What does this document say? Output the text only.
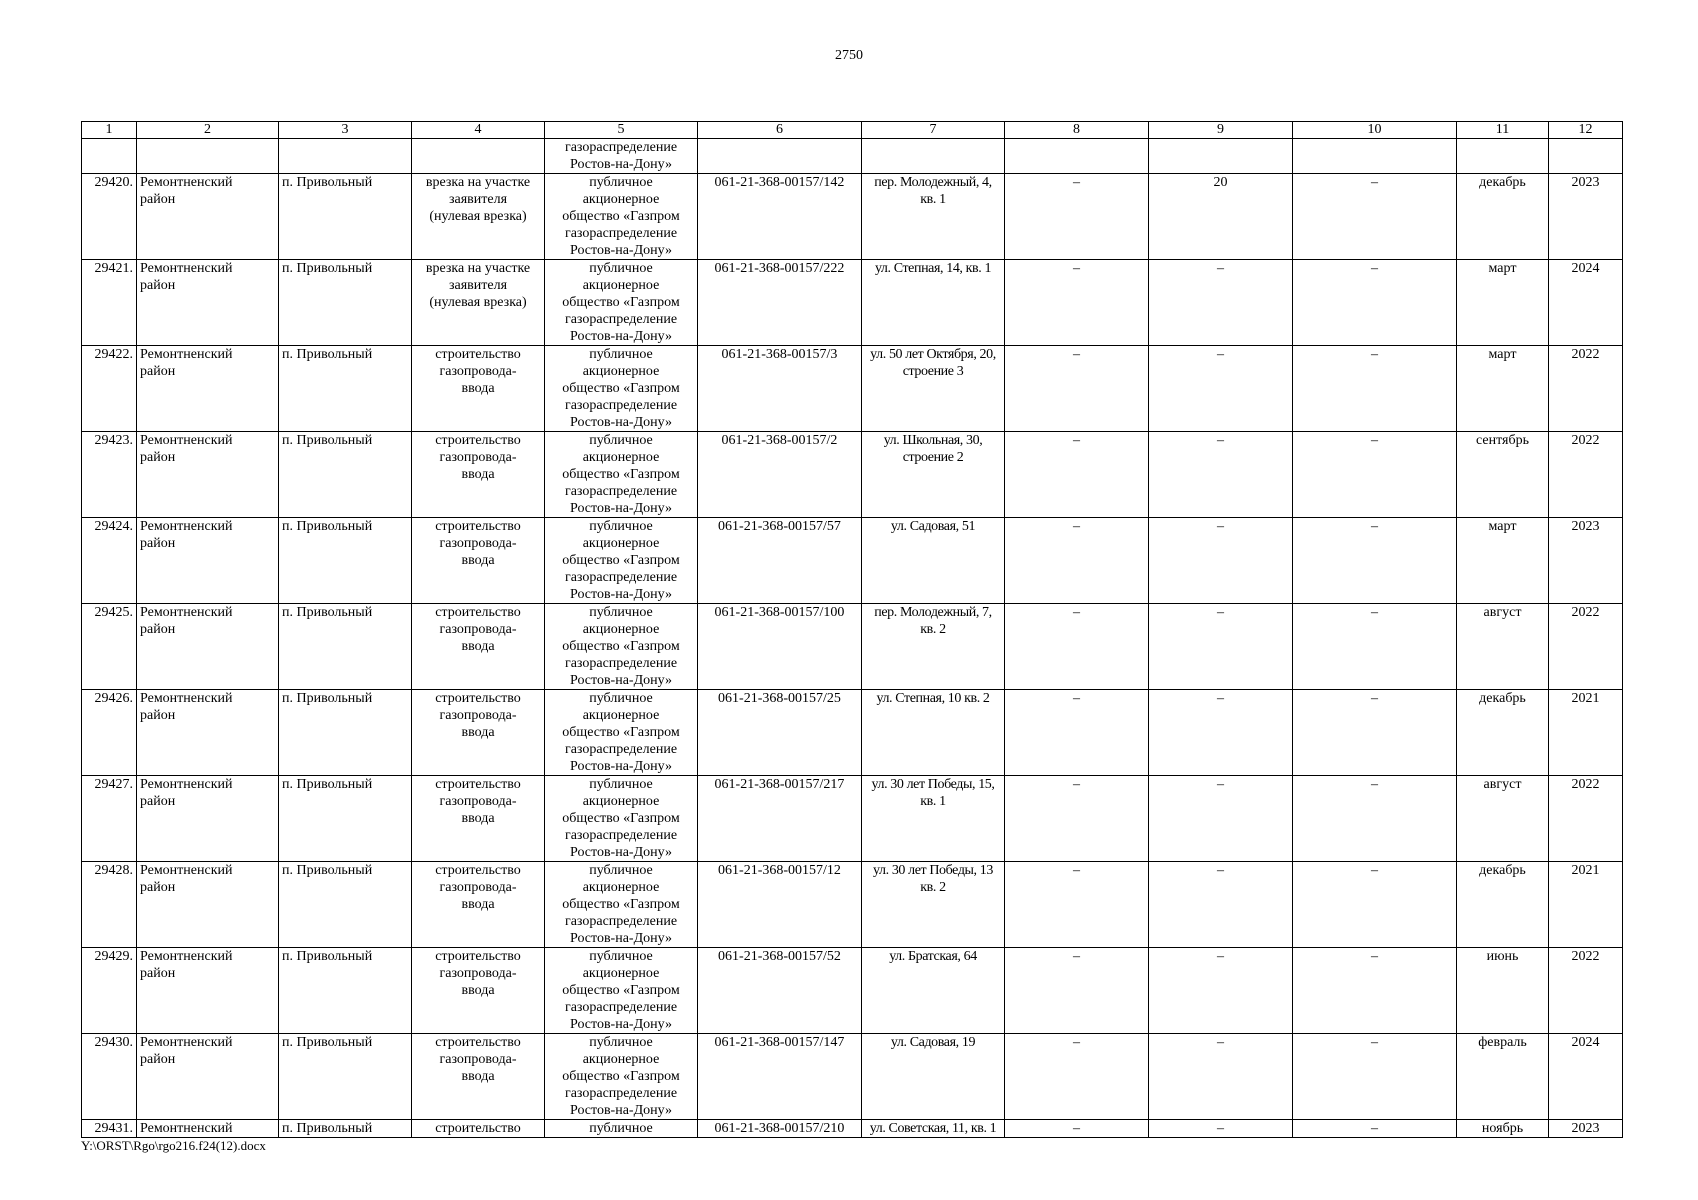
2750
1	2	3	4	5	6	7	8	9	10	11	12
				газораспределение
Ростов-на-Дону»							
29420.	Ремонтненский
район	п. Привольный	врезка на участке
заявителя
(нулевая врезка)	публичное
акционерное
общество «Газпром
газораспределение
Ростов-на-Дону»	061-21-368-00157/142	пер. Молодежный, 4,
кв. 1	–	20	–	декабрь	2023
29421.	Ремонтненский
район	п. Привольный	врезка на участке
заявителя
(нулевая врезка)	публичное
акционерное
общество «Газпром
газораспределение
Ростов-на-Дону»	061-21-368-00157/222	ул. Степная, 14, кв. 1	–	–	–	март	2024
29422.	Ремонтненский
район	п. Привольный	строительство
газопровода-
ввода	публичное
акционерное
общество «Газпром
газораспределение
Ростов-на-Дону»	061-21-368-00157/3	ул. 50 лет Октября, 20,
строение 3	–	–	–	март	2022
29423.	Ремонтненский
район	п. Привольный	строительство
газопровода-
ввода	публичное
акционерное
общество «Газпром
газораспределение
Ростов-на-Дону»	061-21-368-00157/2	ул. Школьная, 30,
строение 2	–	–	–	сентябрь	2022
29424.	Ремонтненский
район	п. Привольный	строительство
газопровода-
ввода	публичное
акционерное
общество «Газпром
газораспределение
Ростов-на-Дону»	061-21-368-00157/57	ул. Садовая, 51	–	–	–	март	2023
29425.	Ремонтненский
район	п. Привольный	строительство
газопровода-
ввода	публичное
акционерное
общество «Газпром
газораспределение
Ростов-на-Дону»	061-21-368-00157/100	пер. Молодежный, 7,
кв. 2	–	–	–	август	2022
29426.	Ремонтненский
район	п. Привольный	строительство
газопровода-
ввода	публичное
акционерное
общество «Газпром
газораспределение
Ростов-на-Дону»	061-21-368-00157/25	ул. Степная, 10 кв. 2	–	–	–	декабрь	2021
29427.	Ремонтненский
район	п. Привольный	строительство
газопровода-
ввода	публичное
акционерное
общество «Газпром
газораспределение
Ростов-на-Дону»	061-21-368-00157/217	ул. 30 лет Победы, 15,
кв. 1	–	–	–	август	2022
29428.	Ремонтненский
район	п. Привольный	строительство
газопровода-
ввода	публичное
акционерное
общество «Газпром
газораспределение
Ростов-на-Дону»	061-21-368-00157/12	ул. 30 лет Победы, 13
кв. 2	–	–	–	декабрь	2021
29429.	Ремонтненский
район	п. Привольный	строительство
газопровода-
ввода	публичное
акционерное
общество «Газпром
газораспределение
Ростов-на-Дону»	061-21-368-00157/52	ул. Братская, 64	–	–	–	июнь	2022
29430.	Ремонтненский
район	п. Привольный	строительство
газопровода-
ввода	публичное
акционерное
общество «Газпром
газораспределение
Ростов-на-Дону»	061-21-368-00157/147	ул. Садовая, 19	–	–	–	февраль	2024
29431.	Ремонтненский	п. Привольный	строительство	публичное	061-21-368-00157/210	ул. Советская, 11, кв. 1	–	–	–	ноябрь	2023
Y:\ORST\Rgo\rgo216.f24(12).docx
